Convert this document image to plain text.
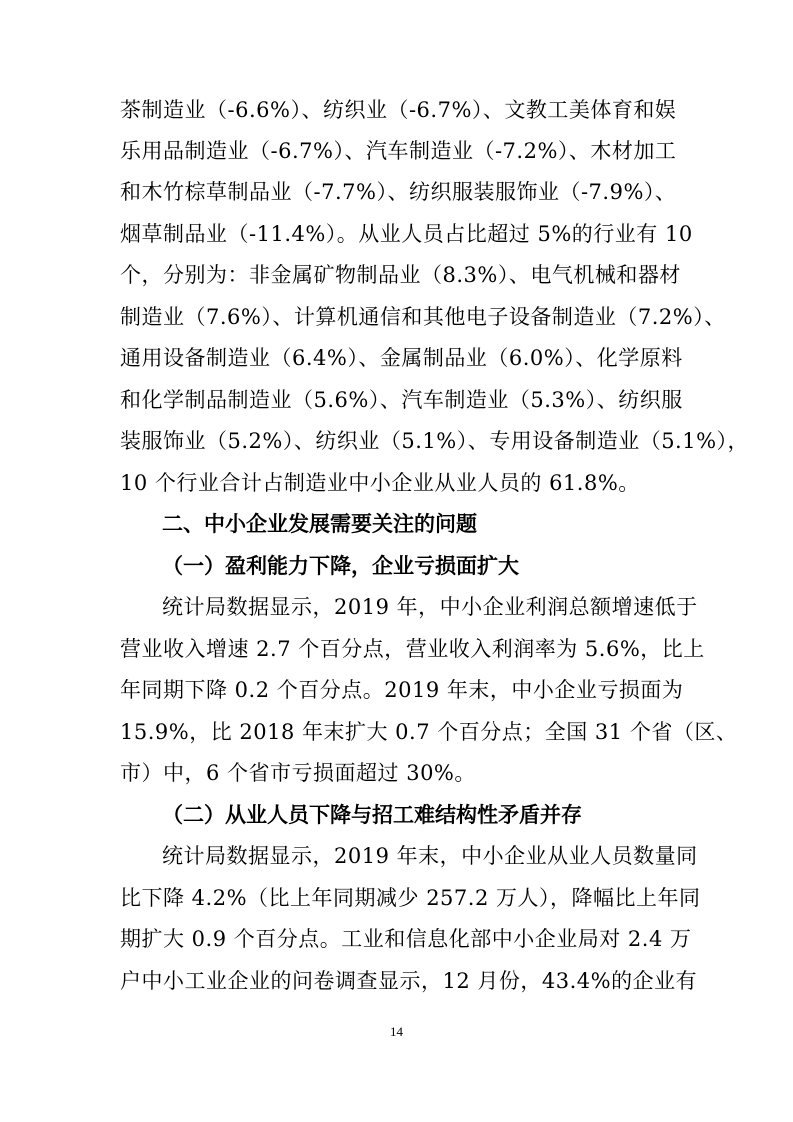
茶制造业（-6.6%）、纺织业（-6.7%）、文教工美体育和娱
乐用品制造业（-6.7%）、汽车制造业（-7.2%）、木材加工
和木竹棕草制品业（-7.7%）、纺织服装服饰业（-7.9%）、
烟草制品业（-11.4%）。从业人员占比超过 5%的行业有 10
个，分别为：非金属矿物制品业（8.3%）、电气机械和器材
制造业（7.6%）、计算机通信和其他电子设备制造业（7.2%）、
通用设备制造业（6.4%）、金属制品业（6.0%）、化学原料
和化学制品制造业（5.6%）、汽车制造业（5.3%）、纺织服
装服饰业（5.2%）、纺织业（5.1%）、专用设备制造业（5.1%），
10 个行业合计占制造业中小企业从业人员的 61.8%。
二、中小企业发展需要关注的问题
（一）盈利能力下降，企业亏损面扩大
统计局数据显示，2019 年，中小企业利润总额增速低于
营业收入增速 2.7 个百分点，营业收入利润率为 5.6%，比上
年同期下降 0.2 个百分点。2019 年末，中小企业亏损面为
15.9%，比 2018 年末扩大 0.7 个百分点；全国 31 个省（区、
市）中，6 个省市亏损面超过 30%。
（二）从业人员下降与招工难结构性矛盾并存
统计局数据显示，2019 年末，中小企业从业人员数量同
比下降 4.2%（比上年同期减少 257.2 万人），降幅比上年同
期扩大 0.9 个百分点。工业和信息化部中小企业局对 2.4 万
户中小工业企业的问卷调查显示，12 月份，43.4%的企业有
14
